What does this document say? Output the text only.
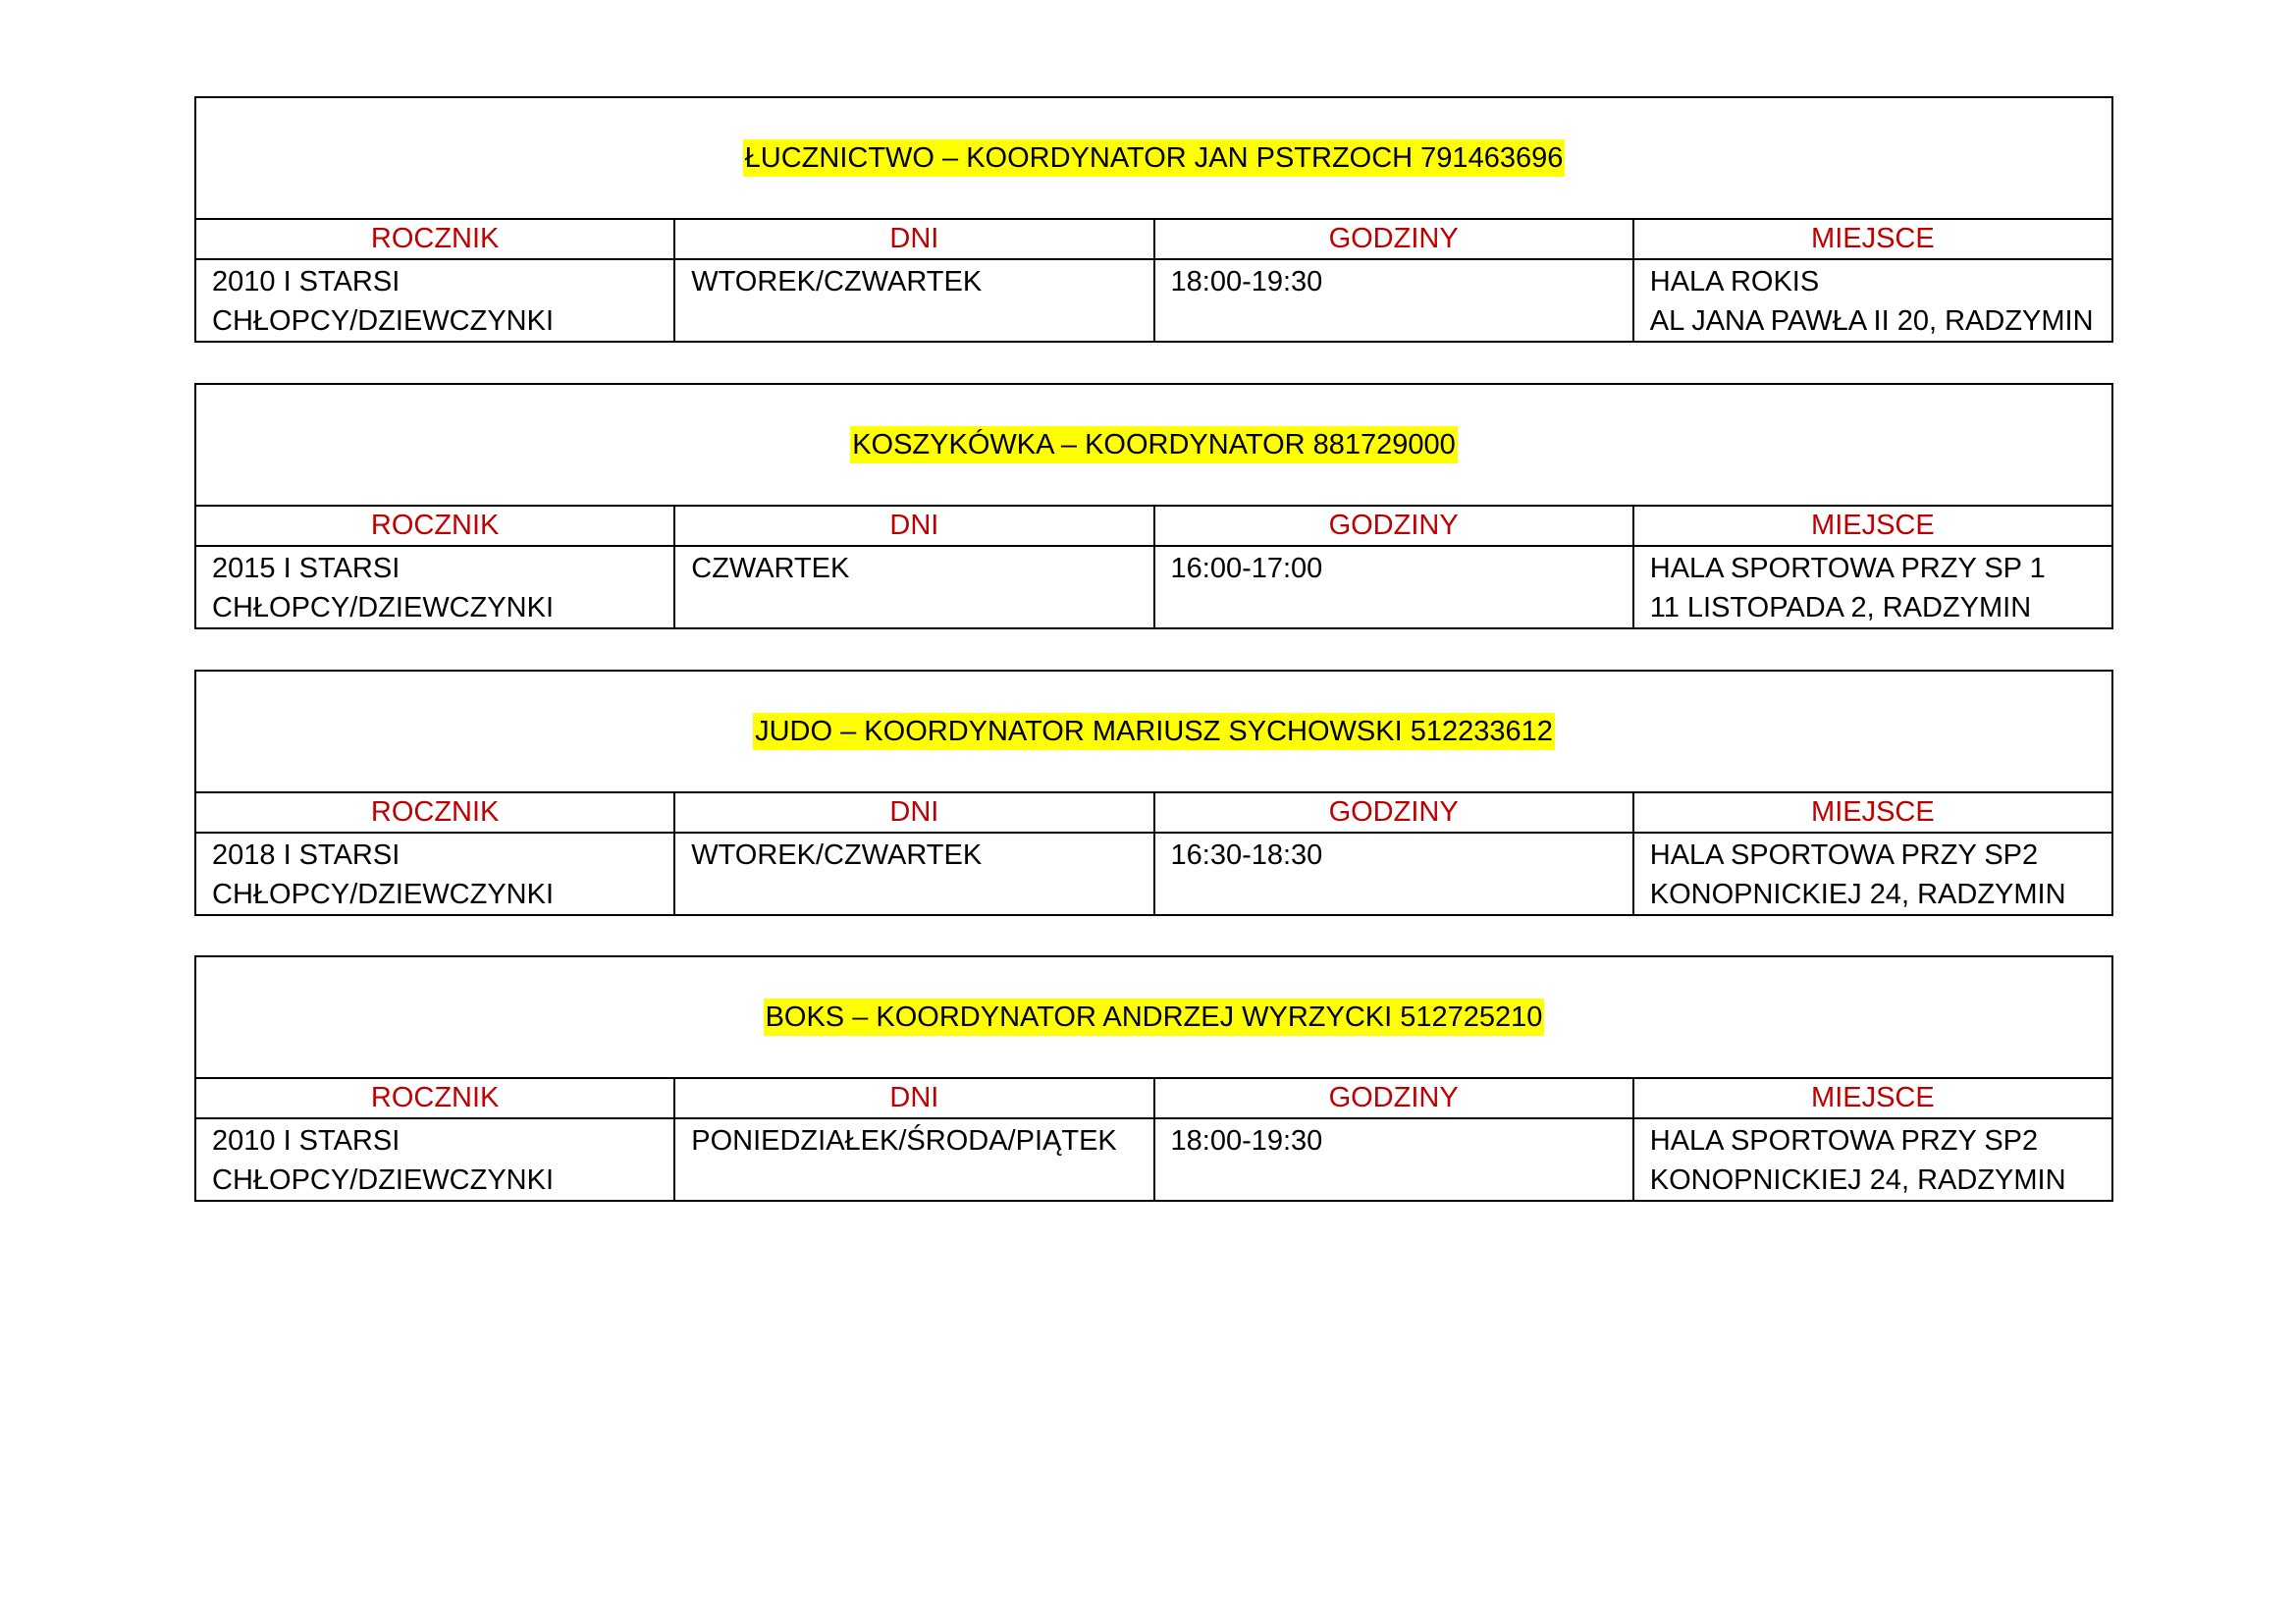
ŁUCZNICTWO – KOORDYNATOR JAN PSTRZOCH 791463696			
ROCZNIK	DNI	GODZINY	MIEJSCE

2010 I STARSI
CHŁOPCY/DZIEWCZYNKI	WTOREK/CZWARTEK	18:00-19:30	HALA ROKIS
AL JANA PAWŁA II 20, RADZYMIN
KOSZYKÓWKA – KOORDYNATOR 881729000			
ROCZNIK	DNI	GODZINY	MIEJSCE

2015 I STARSI
CHŁOPCY/DZIEWCZYNKI	CZWARTEK	16:00-17:00	HALA SPORTOWA PRZY SP 1
11 LISTOPADA 2, RADZYMIN
JUDO – KOORDYNATOR MARIUSZ SYCHOWSKI 512233612			
ROCZNIK	DNI	GODZINY	MIEJSCE

2018 I STARSI
CHŁOPCY/DZIEWCZYNKI	WTOREK/CZWARTEK	16:30-18:30	HALA SPORTOWA PRZY SP2
KONOPNICKIEJ 24, RADZYMIN
BOKS – KOORDYNATOR ANDRZEJ WYRZYCKI 512725210			
ROCZNIK	DNI	GODZINY	MIEJSCE

2010 I STARSI
CHŁOPCY/DZIEWCZYNKI	PONIEDZIAŁEK/ŚRODA/PIĄTEK	18:00-19:30	HALA SPORTOWA PRZY SP2
KONOPNICKIEJ 24, RADZYMIN
